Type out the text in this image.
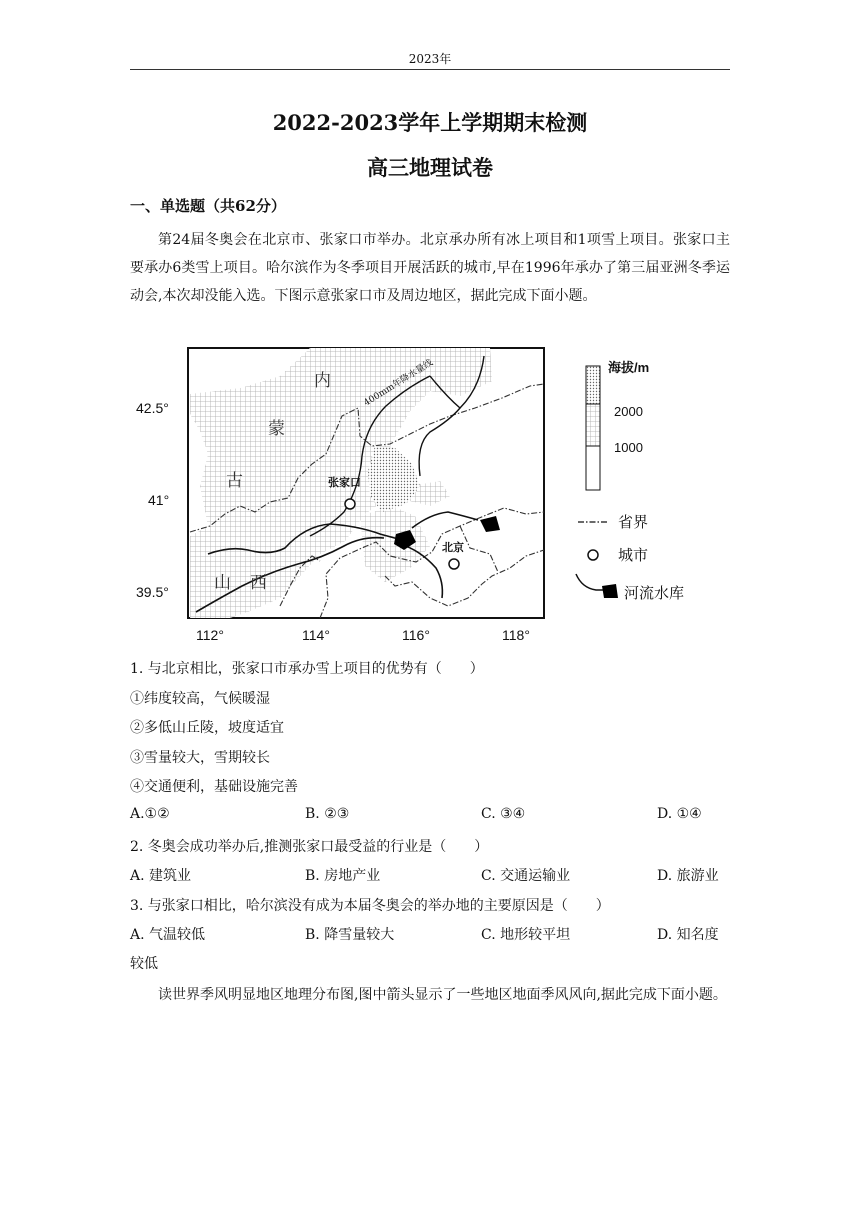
2023年
2022-2023学年上学期期末检测
高三地理试卷
一、单选题（共62分）
第24届冬奥会在北京市、张家口市举办。北京承办所有冰上项目和1项雪上项目。张家口主要承办6类雪上项目。哈尔滨作为冬季项目开展活跃的城市,早在1996年承办了第三届亚洲冬季运动会,本次却没能入选。下图示意张家口市及周边地区，据此完成下面小题。
400mm年降水量线
张家口
北京
内
蒙
古
山 西
42.5°
41°
39.5°
112°	114°	116°	118°
海拔/m
2000
1000
省界
城市
河流水库
1. 与北京相比，张家口市承办雪上项目的优势有（　　）
①纬度较高，气候暖湿
②多低山丘陵，坡度适宜
③雪量较大，雪期较长
④交通便利，基础设施完善
A.①②	B. ②③	C. ③④	D. ①④
2. 冬奥会成功举办后,推测张家口最受益的行业是（　　）
A. 建筑业	B. 房地产业	C. 交通运输业	D. 旅游业
3. 与张家口相比，哈尔滨没有成为本届冬奥会的举办地的主要原因是（　　）
A. 气温较低	B. 降雪量较大	C. 地形较平坦	D. 知名度
较低
读世界季风明显地区地理分布图,图中箭头显示了一些地区地面季风风向,据此完成下面小题。
